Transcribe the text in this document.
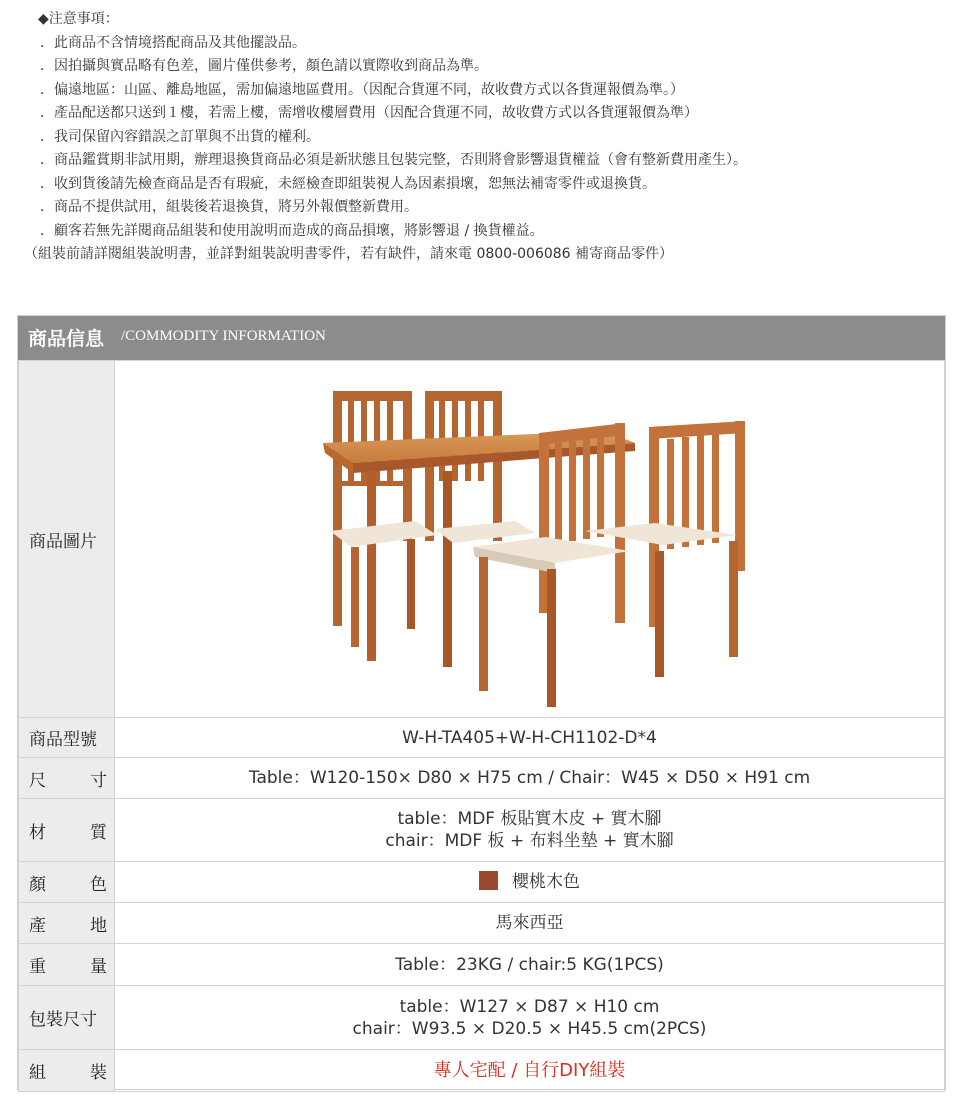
◆注意事項：
．此商品不含情境搭配商品及其他擺設品。
．因拍攝與實品略有色差，圖片僅供參考，顏色請以實際收到商品為準。
．偏遠地區：山區、離島地區，需加偏遠地區費用。（因配合貨運不同，故收費方式以各貨運報價為準。）
．產品配送都只送到１樓，若需上樓，需增收樓層費用（因配合貨運不同，故收費方式以各貨運報價為準）
．我司保留內容錯誤之訂單與不出貨的權利。
．商品鑑賞期非試用期，辦理退換貨商品必須是新狀態且包裝完整，否則將會影響退貨權益（會有整新費用產生）。
．收到貨後請先檢查商品是否有瑕疵，未經檢查即組裝視人為因素損壞，恕無法補寄零件或退換貨。
．商品不提供試用，組裝後若退換貨，將另外報價整新費用。
．顧客若無先詳閱商品組裝和使用說明而造成的商品損壞，將影響退 / 換貨權益。
（組裝前請詳閱組裝說明書，並詳對組裝說明書零件，若有缺件，請來電 0800-006086 補寄商品零件）
商品信息 /COMMODITY INFORMATION
商品圖片	

商品型號	W-H-TA405+W-H-CH1102-D*4
尺　寸	Table：W120-150× D80 × H75 cm / Chair：W45 × D50 × H91 cm
材　質	table：MDF 板貼實木皮 + 實木腳
chair：MDF 板 + 布料坐墊 + 實木腳

顏　色	櫻桃木色
產　地	馬來西亞
重　量	Table：23KG / chair:5 KG(1PCS)
包裝尺寸	table：W127 × D87 × H10 cm
chair：W93.5 × D20.5 × H45.5 cm(2PCS)

組　裝	專人宅配 / 自行DIY組裝
